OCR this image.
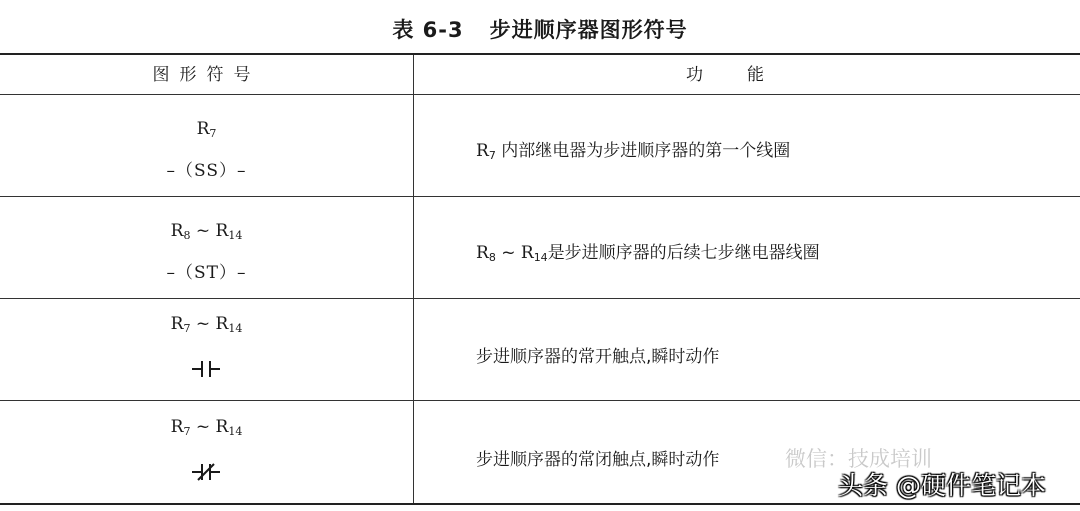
表 6-3 步进顺序器图形符号
图形符号	功能
$R_7$
–（SS）–
$R_7$ 内部继电器为步进顺序器的第一个线圈
$R_8$ ~ $R_{14}$
–（ST）–
$R_8$ ~ $R_{14}$是步进顺序器的后续七步继电器线圈
$R_7$ ~ $R_{14}$
步进顺序器的常开触点,瞬时动作
$R_7$ ~ $R_{14}$
步进顺序器的常闭触点,瞬时动作	微信：技成培训
头条 @硬件笔记本
